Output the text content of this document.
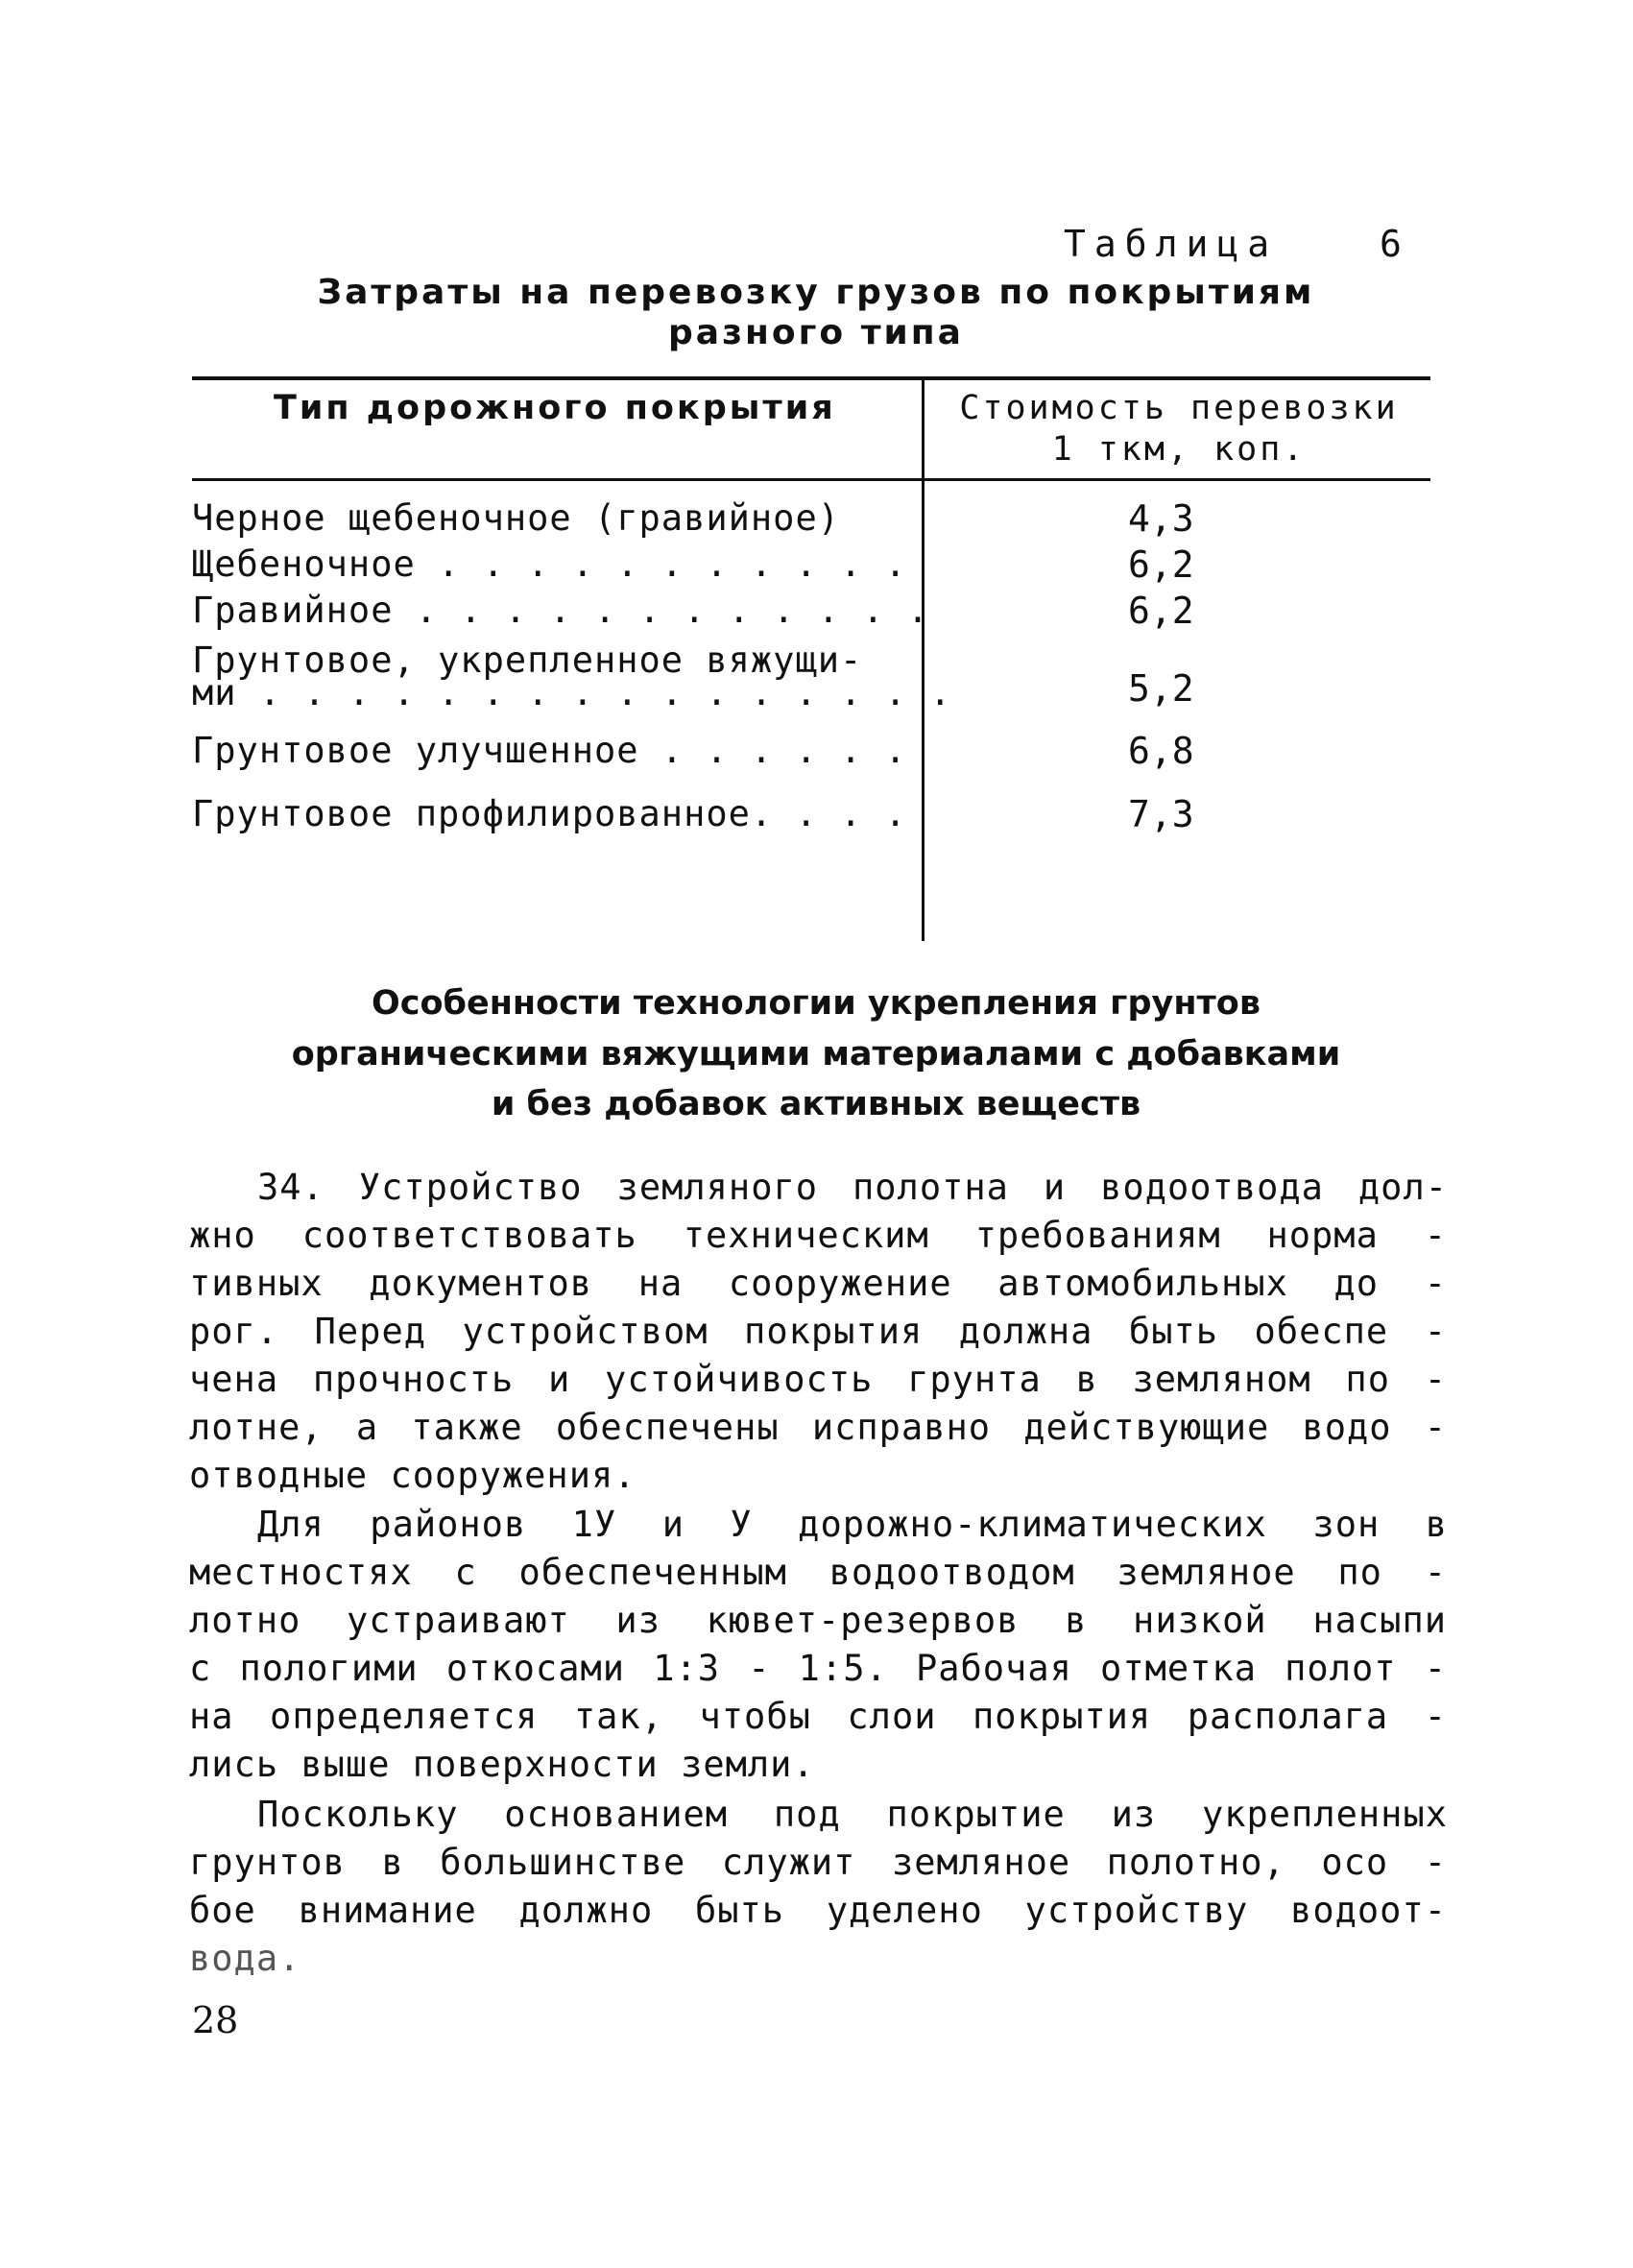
Таблица	6
Затраты на перевозку грузов по покрытиям
разного типа
Тип дорожного покрытия	Стоимость перевозки
1 ткм, коп.
Черное щебеночное (гравийное)	4,3
Щебеночное . . . . . . . . . . .	6,2
Гравийное . . . . . . . . . . . .	6,2
Грунтовое, укрепленное вяжущи-
ми . . . . . . . . . . . . . . . .	5,2
Грунтовое улучшенное . . . . . .	6,8
Грунтовое профилированное. . . .	7,3
Особенности технологии укрепления грунтов
органическими вяжущими материалами с добавками
и без добавок активных веществ
34. Устройство земляного полотна и водоотвода дол-
жно соответствовать техническим требованиям норма -
тивных документов на сооружение автомобильных до -
рог. Перед устройством покрытия должна быть обеспе -
чена прочность и устойчивость грунта в земляном по -
лотне, а также обеспечены исправно действующие водо -
отводные сооружения.
Для районов 1У и У дорожно-климатических зон в
местностях с обеспеченным водоотводом земляное по -
лотно устраивают из кювет-резервов в низкой насыпи
с пологими откосами 1:3 - 1:5. Рабочая отметка полот -
на определяется так, чтобы слои покрытия располага -
лись выше поверхности земли.
Поскольку основанием под покрытие из укрепленных
грунтов в большинстве служит земляное полотно, осо -
бое внимание должно быть уделено устройству водоот-
вода.
28
